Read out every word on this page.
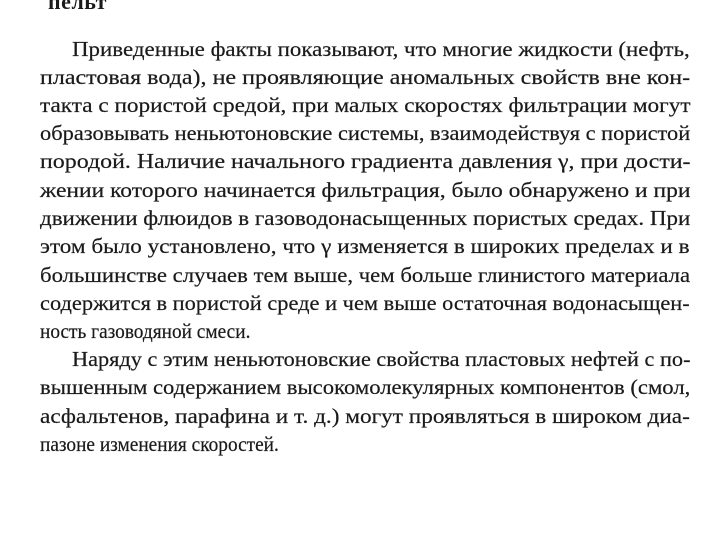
пельт
Приведенные факты показывают, что многие жидкости (нефть,
пластовая вода), не проявляющие аномальных свойств вне кон-
такта с пористой средой, при малых скоростях фильтрации могут
образовывать неньютоновские системы, взаимодействуя с пористой
породой. Наличие начального градиента давления γ, при дости-
жении которого начинается фильтрация, было обнаружено и при
движении флюидов в газоводонасыщенных пористых средах. При
этом было установлено, что γ изменяется в широких пределах и в
большинстве случаев тем выше, чем больше глинистого материала
содержится в пористой среде и чем выше остаточная водонасыщен-
ность газоводяной смеси.
Наряду с этим неньютоновские свойства пластовых нефтей с по-
вышенным содержанием высокомолекулярных компонентов (смол,
асфальтенов, парафина и т. д.) могут проявляться в широком диа-
пазоне изменения скоростей.
